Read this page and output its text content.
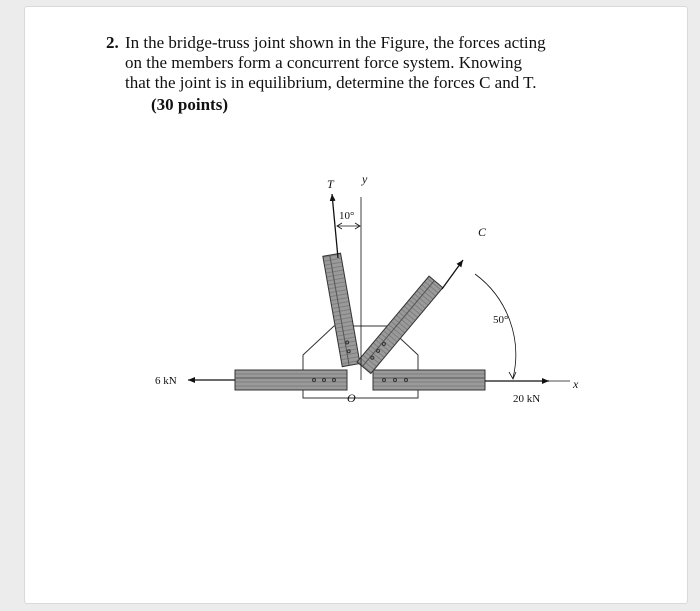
2. In the bridge-truss joint shown in the Figure, the forces acting
on the members form a concurrent force system. Knowing
that the joint is in equilibrium, determine the forces C and T.
(30 points)
T y
10°
C
50°
6 kN
20 kN
x
O
